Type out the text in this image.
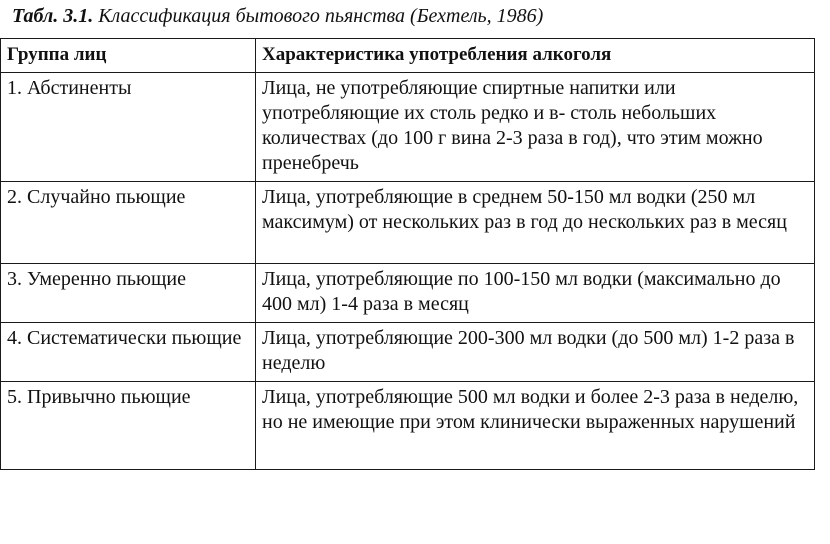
Табл. 3.1. Классификация бытового пьянства (Бехтель, 1986)
Группа лиц	Характеристика употребления алкоголя
1. Абстиненты	Лица, не употребляющие спиртные напитки или употребляющие их столь редко и в- столь небольших количествах (до 100 г вина 2-3 раза в год), что этим можно пренебречь
2. Случайно пьющие	Лица, употребляющие в среднем 50-150 мл водки (250 мл максимум) от нескольких раз в год до нескольких раз в месяц
3. Умеренно пьющие	Лица, употребляющие по 100-150 мл водки (максимально до 400 мл) 1-4 раза в месяц
4. Систематически пьющие	Лица, употребляющие 200-300 мл водки (до 500 мл) 1-2 раза в неделю
5. Привычно пьющие	Лица, употребляющие 500 мл водки и более 2-3 раза в неделю, но не имеющие при этом клинически выраженных нарушений
